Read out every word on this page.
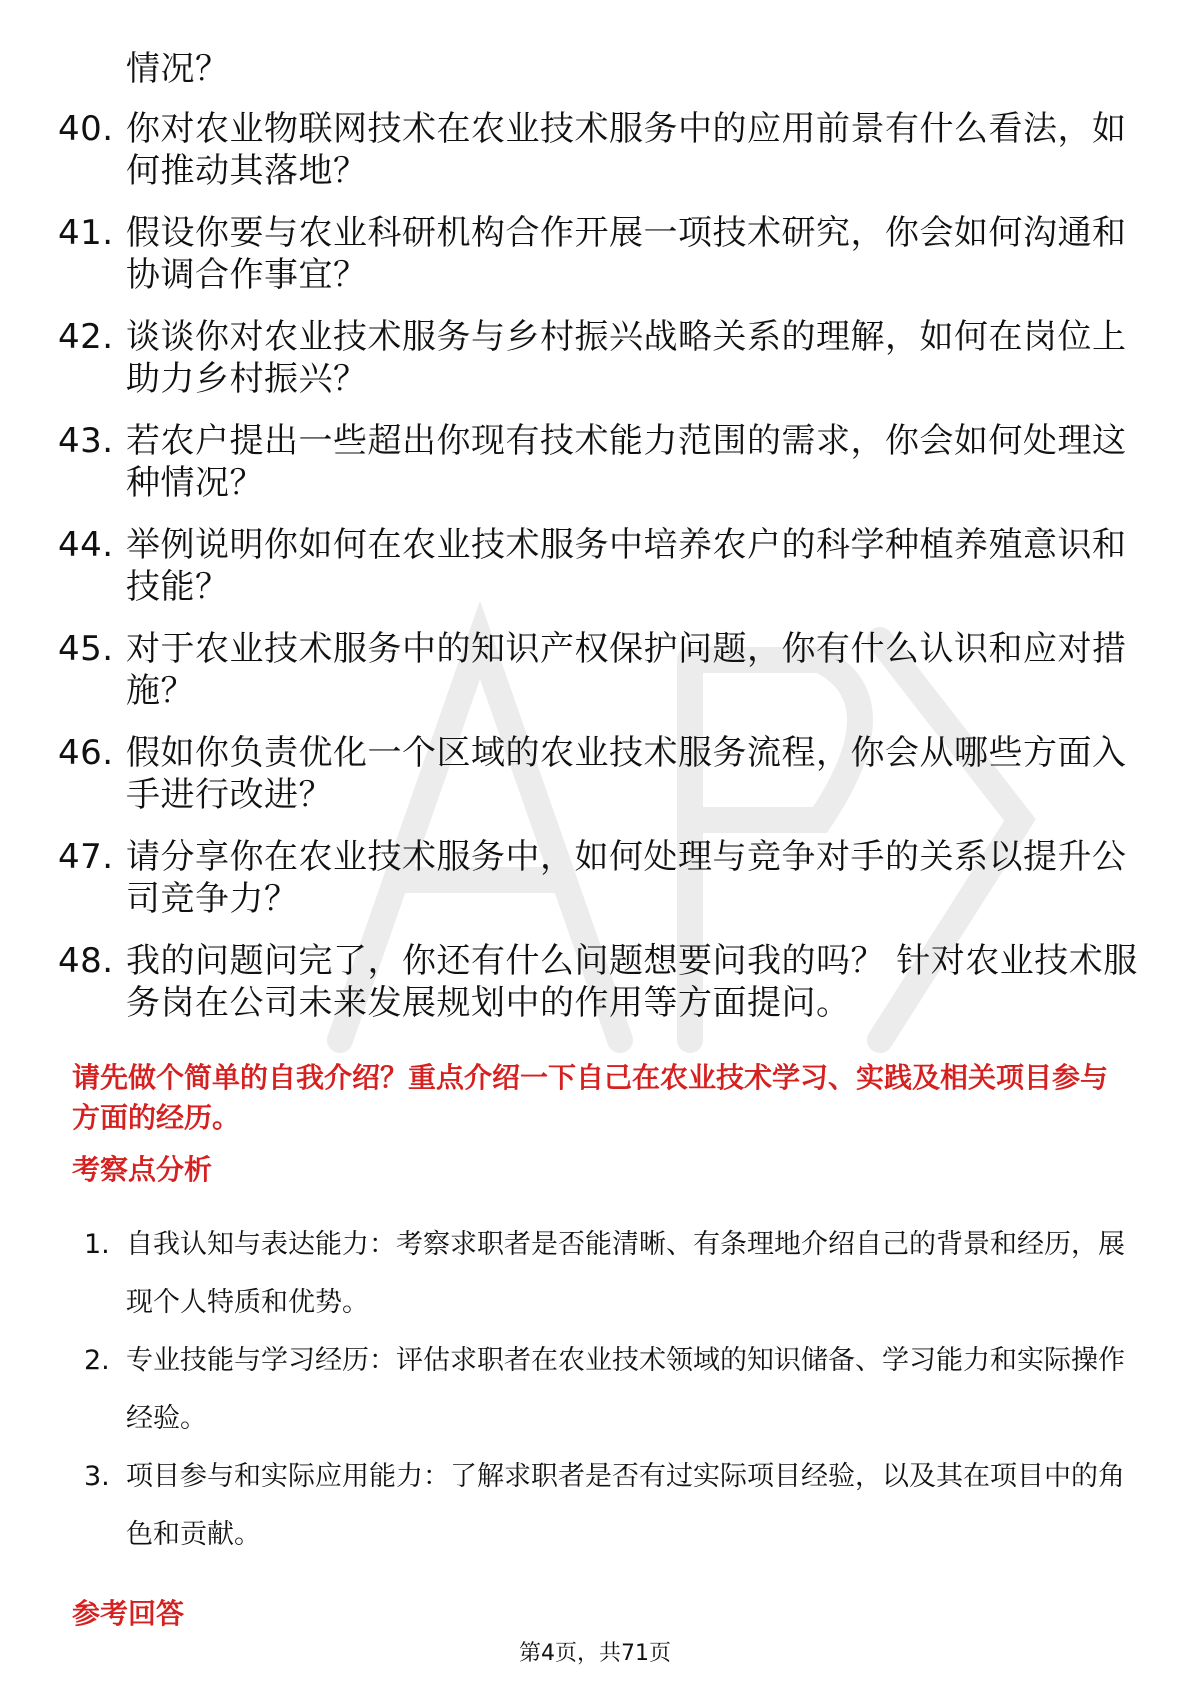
情况？
40. 你对农业物联网技术在农业技术服务中的应用前景有什么看法，如何推动其落地？
41. 假设你要与农业科研机构合作开展一项技术研究，你会如何沟通和协调合作事宜？
42. 谈谈你对农业技术服务与乡村振兴战略关系的理解，如何在岗位上助力乡村振兴？
43. 若农户提出一些超出你现有技术能力范围的需求，你会如何处理这种情况？
44. 举例说明你如何在农业技术服务中培养农户的科学种植养殖意识和技能？
45. 对于农业技术服务中的知识产权保护问题，你有什么认识和应对措施？
46. 假如你负责优化一个区域的农业技术服务流程，你会从哪些方面入手进行改进？
47. 请分享你在农业技术服务中，如何处理与竞争对手的关系以提升公司竞争力？
48. 我的问题问完了，你还有什么问题想要问我的吗？ 针对农业技术服务岗在公司未来发展规划中的作用等方面提问。

请先做个简单的自我介绍？重点介绍一下自己在农业技术学习、实践及相关项目参与方面的经历。

考察点分析

1. 自我认知与表达能力：考察求职者是否能清晰、有条理地介绍自己的背景和经历，展现个人特质和优势。
2. 专业技能与学习经历：评估求职者在农业技术领域的知识储备、学习能力和实际操作经验。
3. 项目参与和实际应用能力：了解求职者是否有过实际项目经验，以及其在项目中的角色和贡献。

参考回答

第4页，共71页
